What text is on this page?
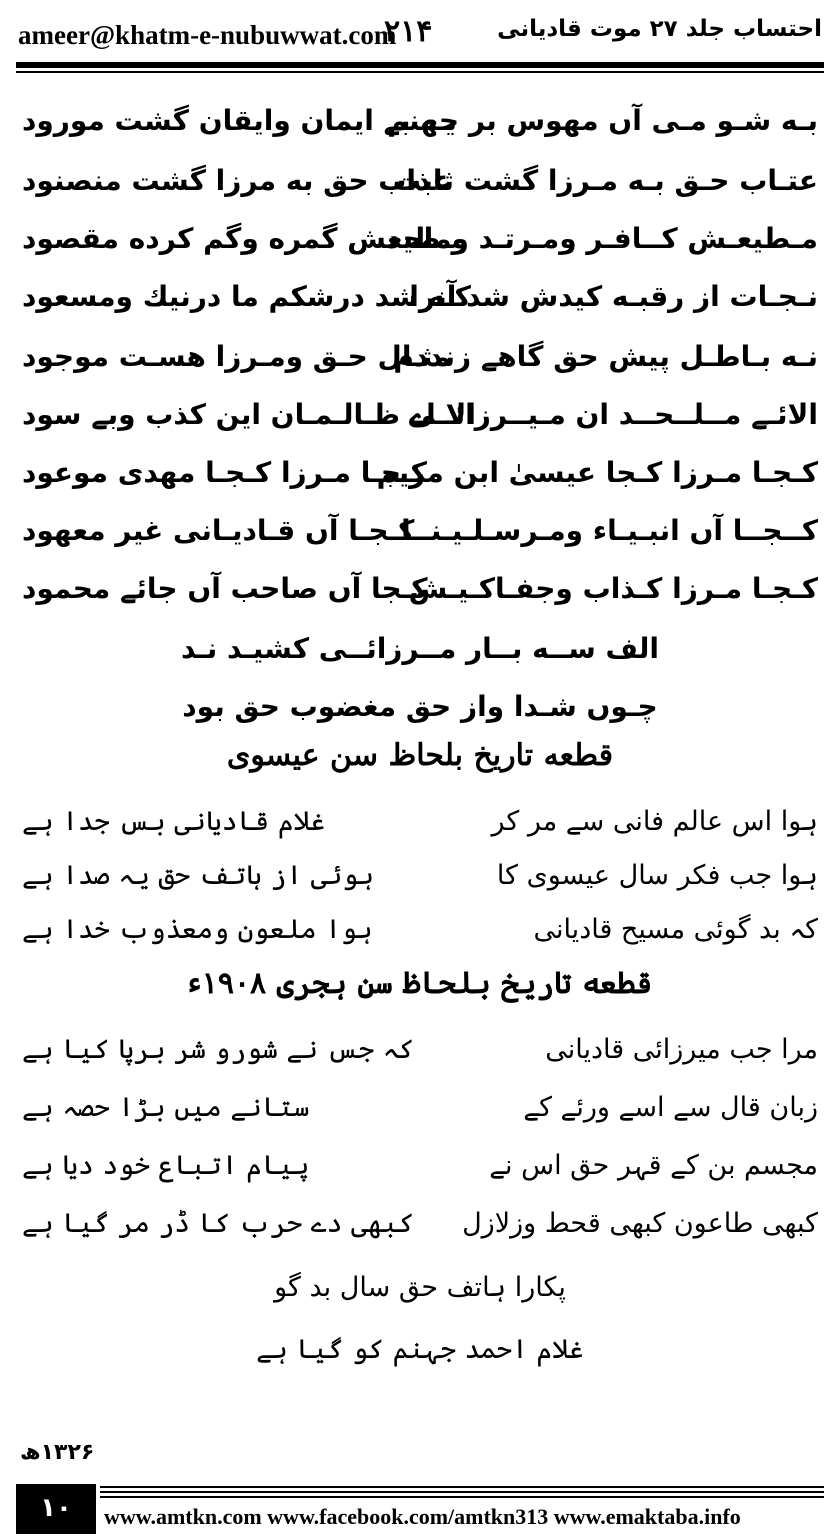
ameer@khatm-e-nubuwwat.com
۲۱۴	احتساب جلد ۲۷ موت قادیانی
بـه شـو مـی آں مهوس بر جهنم
بـه بے ایمان وایقان گشت مورود
عتـاب حـق بـه مـرزا گشت ثابت
عذاب حق به مرزا گشت منصنود
مـطيعـش كــافـر ومـرتـد وملحد
مـطيعش گمره وگم كرده مقصود
نـجـات از رقبـه كيدش شد آنرا
كـه شد درشكم ما درنيك ومسعود
نـه بـاطـل پيش حق گاهے زنددم
مثـال حـق ومـرزا هسـت موجود
الائـے مــلــحــد ان مـيــرزائــی
الا اے ظـالـمـان اين كذب وبے سود
كـجـا مـرزا كـجا عيسیٰ ابن مريم
كـجـا مـرزا كـجـا مهدی موعود
كــجــا آں انبـيـاء ومـرسـلـيـنــا
كـجـا آں قـاديـانی غير معهود
كـجـا مـرزا كـذاب وجفـاكـيـش
كـجا آں صاحب آں جائے محمود
الف ســه بــار مــرزائــی كشيـد نـد
چـوں شـدا واز حق مغضوب حق بود
قطعه تاریخ بلحاظ سن عیسوی
ہوا اس عالم فانی سے مر کر
غلام قادیانی بس جدا ہے
ہوا جب فکر سال عیسوی کا
ہوئی از ہاتف حق یہ صدا ہے
کہ بد گوئی مسیح قادیانی
ہوا ملعون ومعذوب خدا ہے
قطعه تاریخ بلحاظ سن ہجری ۱۹۰۸ء
مرا جب میرزائی قادیانی
کہ جس نے شورو شر برپا کیا ہے
زبان قال سے اسے ورئے کے
ستانے میں بڑا حصہ ہے
مجسم بن کے قہر حق اس نے
پیام اتباع خود دیا ہے
کبھی طاعون کبھی قحط وزلازل
کبھی دے حرب کا ڈر مر گیا ہے
پکارا ہاتف حق سال بد گو
غلام احمد جہنم کو گیا ہے
۱۳۲۶ھ
۱۰	www.amtkn.com www.facebook.com/amtkn313 www.emaktaba.info
